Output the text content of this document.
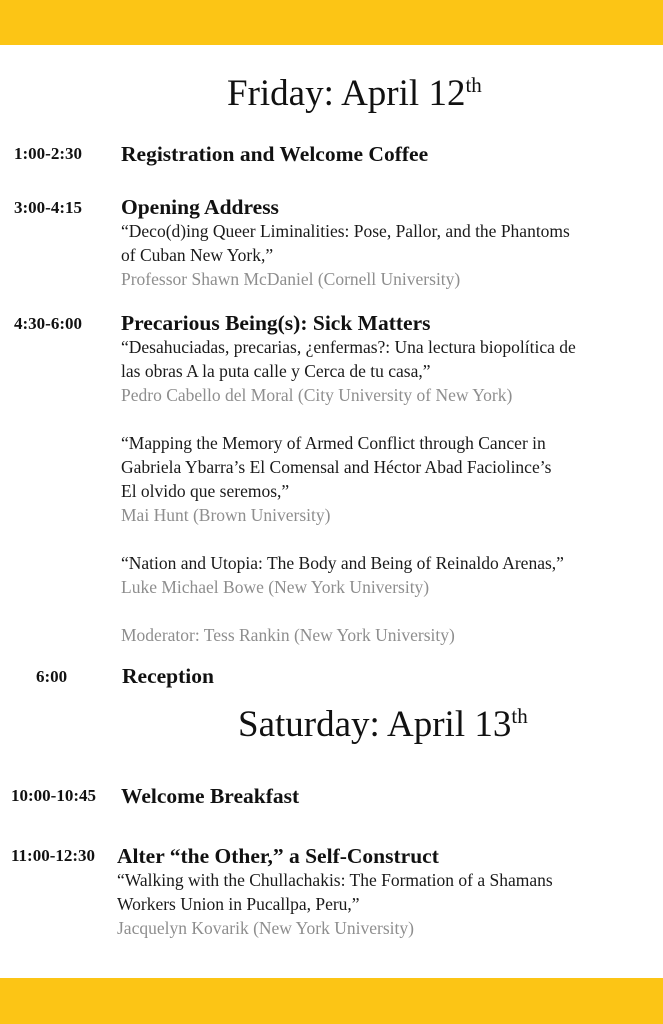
Friday: April 12th
1:00-2:30 Registration and Welcome Coffee
3:00-4:15 Opening Address
“Deco(d)ing Queer Liminalities: Pose, Pallor, and the Phantoms
of Cuban New York,”
Professor Shawn McDaniel (Cornell University)
4:30-6:00 Precarious Being(s): Sick Matters
“Desahuciadas, precarias, ¿enfermas?: Una lectura biopolítica de
las obras A la puta calle y Cerca de tu casa,”
Pedro Cabello del Moral (City University of New York)
“Mapping the Memory of Armed Conflict through Cancer in
Gabriela Ybarra’s El Comensal and Héctor Abad Faciolince’s
El olvido que seremos,”
Mai Hunt (Brown University)
“Nation and Utopia: The Body and Being of Reinaldo Arenas,”
Luke Michael Bowe (New York University)
Moderator: Tess Rankin (New York University)
6:00	Reception
Saturday: April 13th
10:00-10:45 Welcome Breakfast
11:00-12:30 Alter “the Other,” a Self-Construct
“Walking with the Chullachakis: The Formation of a Shamans
Workers Union in Pucallpa, Peru,”
Jacquelyn Kovarik (New York University)
